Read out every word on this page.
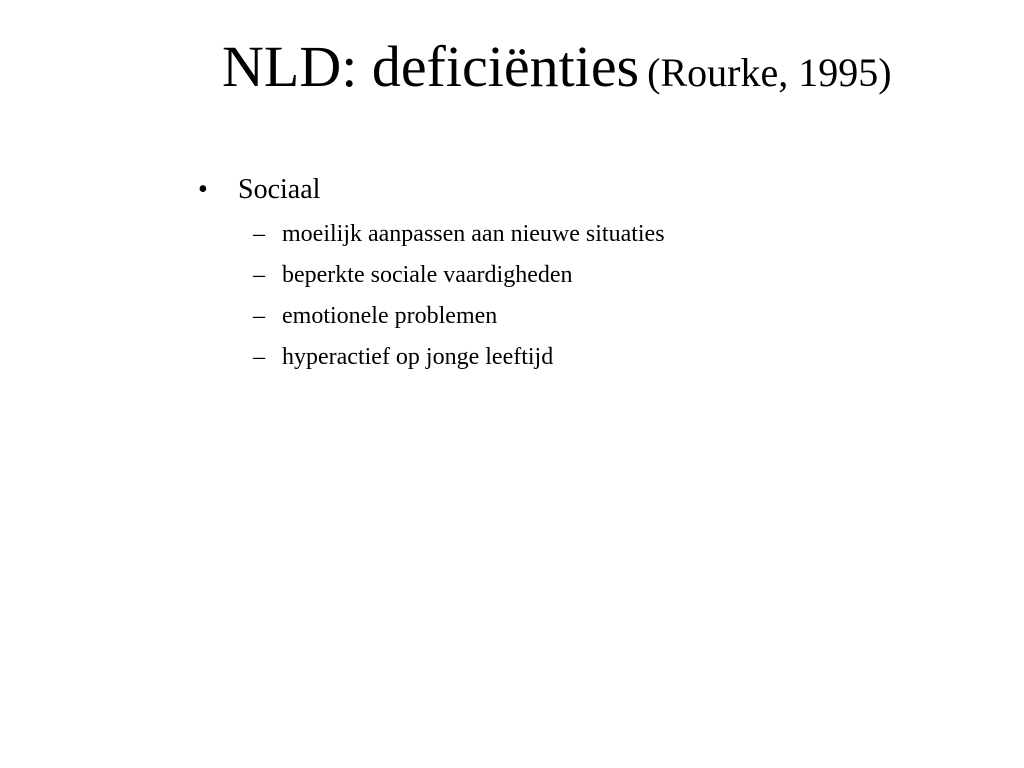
NLD: deficiënties (Rourke, 1995)
•	Sociaal
– moeilijk aanpassen aan nieuwe situaties
– beperkte sociale vaardigheden
– emotionele problemen
– hyperactief op jonge leeftijd
